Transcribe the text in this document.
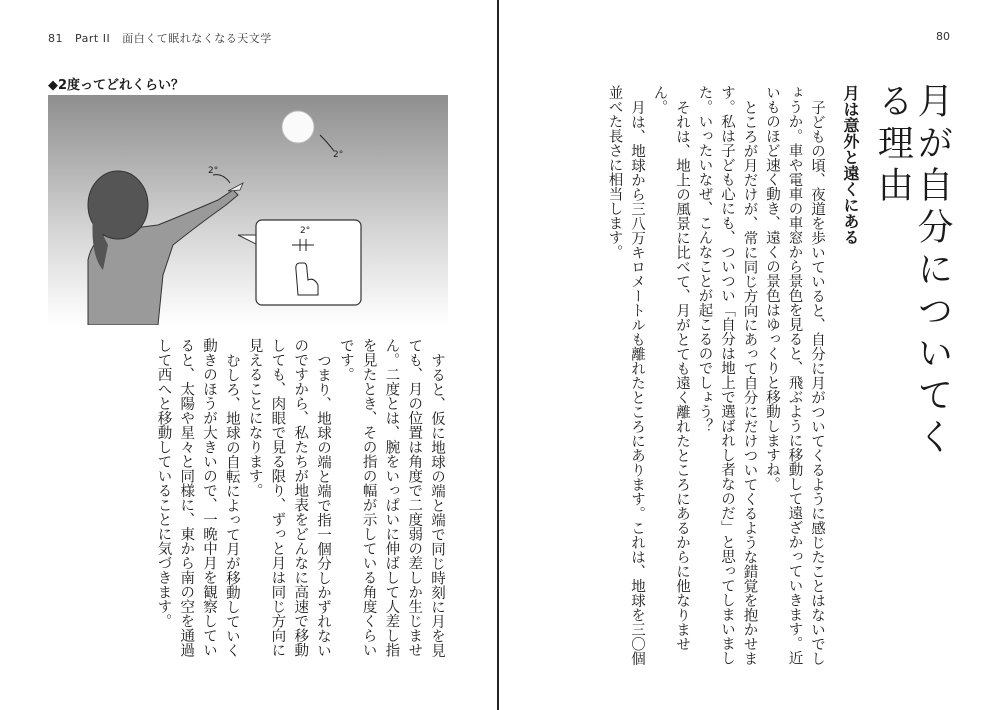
81 Part II 面白くて眠れなくなる天文学
◆2度ってどれくらい？
2°
2°
2°

すると、仮に地球の端と端で同じ時刻に月を見ても、月の位置は角度で二度弱の差しか生じません。二度とは、腕をいっぱいに伸ばして人差し指を見たとき、その指の幅が示している角度くらいです。

つまり、地球の端と端で指一個分しかずれないのですから、私たちが地表をどんなに高速で移動しても、肉眼で見る限り、ずっと月は同じ方向に見えることになります。

むしろ、地球の自転によって月が移動していく動きのほうが大きいので、一晩中月を観察していると、太陽や星々と同様に、東から南の空を通過して西へと移動していることに気づきます。

80
月が自分についてくる理由
月は意外と遠くにある

子どもの頃、夜道を歩いていると、自分に月がついてくるように感じたことはないでしょうか。車や電車の車窓から景色を見ると、飛ぶように移動して遠ざかっていきます。近いものほど速く動き、遠くの景色はゆっくりと移動しますね。

ところが月だけが、常に同じ方向にあって自分にだけついてくるような錯覚を抱かせます。私は子ども心にも、ついつい「自分は地上で選ばれし者なのだ」と思ってしまいました。いったいなぜ、こんなことが起こるのでしょう？

それは、地上の風景に比べて、月がとても遠く離れたところにあるからに他なりません。

月は、地球から三八万キロメートルも離れたところにあります。これは、地球を三〇個並べた長さに相当します。
